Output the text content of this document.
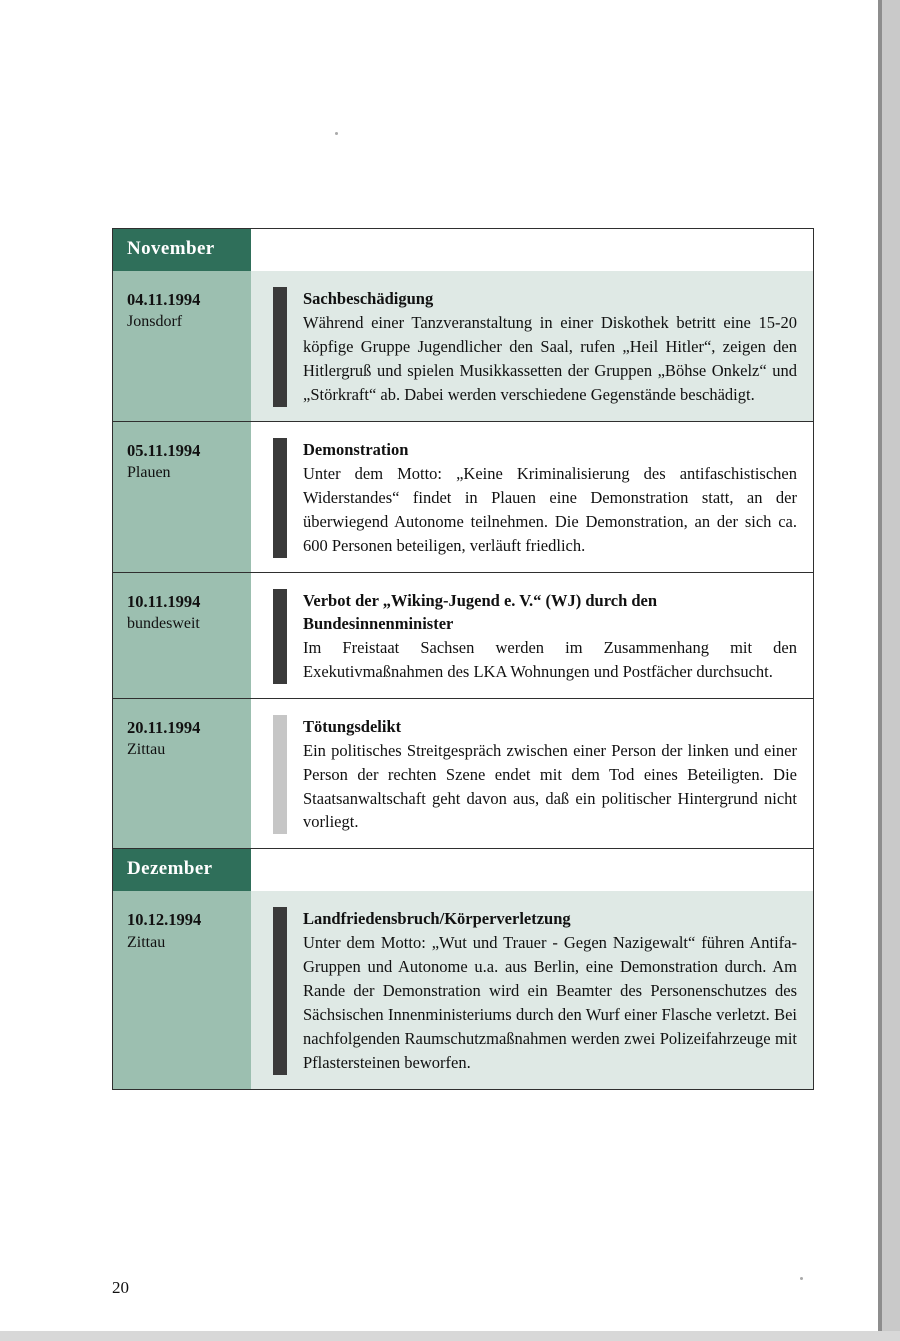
November
04.11.1994
Jonsdorf

Sachbeschädigung

Während einer Tanzveranstaltung in einer Diskothek betritt eine 15-20 köpfige Gruppe Jugendlicher den Saal, rufen „Heil Hitler“, zeigen den Hitlergruß und spielen Musikkassetten der Gruppen „Böhse Onkelz“ und „Störkraft“ ab. Dabei werden verschiedene Gegenstände beschädigt.

05.11.1994
Plauen

Demonstration

Unter dem Motto: „Keine Kriminalisierung des antifaschistischen Widerstandes“ findet in Plauen eine Demonstration statt, an der überwiegend Autonome teilnehmen. Die Demonstration, an der sich ca. 600 Personen beteiligen, verläuft friedlich.

10.11.1994
bundesweit

Verbot der „Wiking-Jugend e. V.“ (WJ) durch den Bundesinnenminister

Im Freistaat Sachsen werden im Zusammenhang mit den Exekutivmaßnahmen des LKA Wohnungen und Postfächer durchsucht.

20.11.1994
Zittau

Tötungsdelikt

Ein politisches Streitgespräch zwischen einer Person der linken und einer Person der rechten Szene endet mit dem Tod eines Beteiligten. Die Staatsanwaltschaft geht davon aus, daß ein politischer Hintergrund nicht vorliegt.

Dezember
10.12.1994
Zittau

Landfriedensbruch/Körperverletzung

Unter dem Motto: „Wut und Trauer - Gegen Nazigewalt“ führen Antifa-Gruppen und Autonome u.a. aus Berlin, eine Demonstration durch. Am Rande der Demonstration wird ein Beamter des Personenschutzes des Sächsischen Innenministeriums durch den Wurf einer Flasche verletzt. Bei nachfolgenden Raumschutzmaßnahmen werden zwei Polizeifahrzeuge mit Pflastersteinen beworfen.

20
